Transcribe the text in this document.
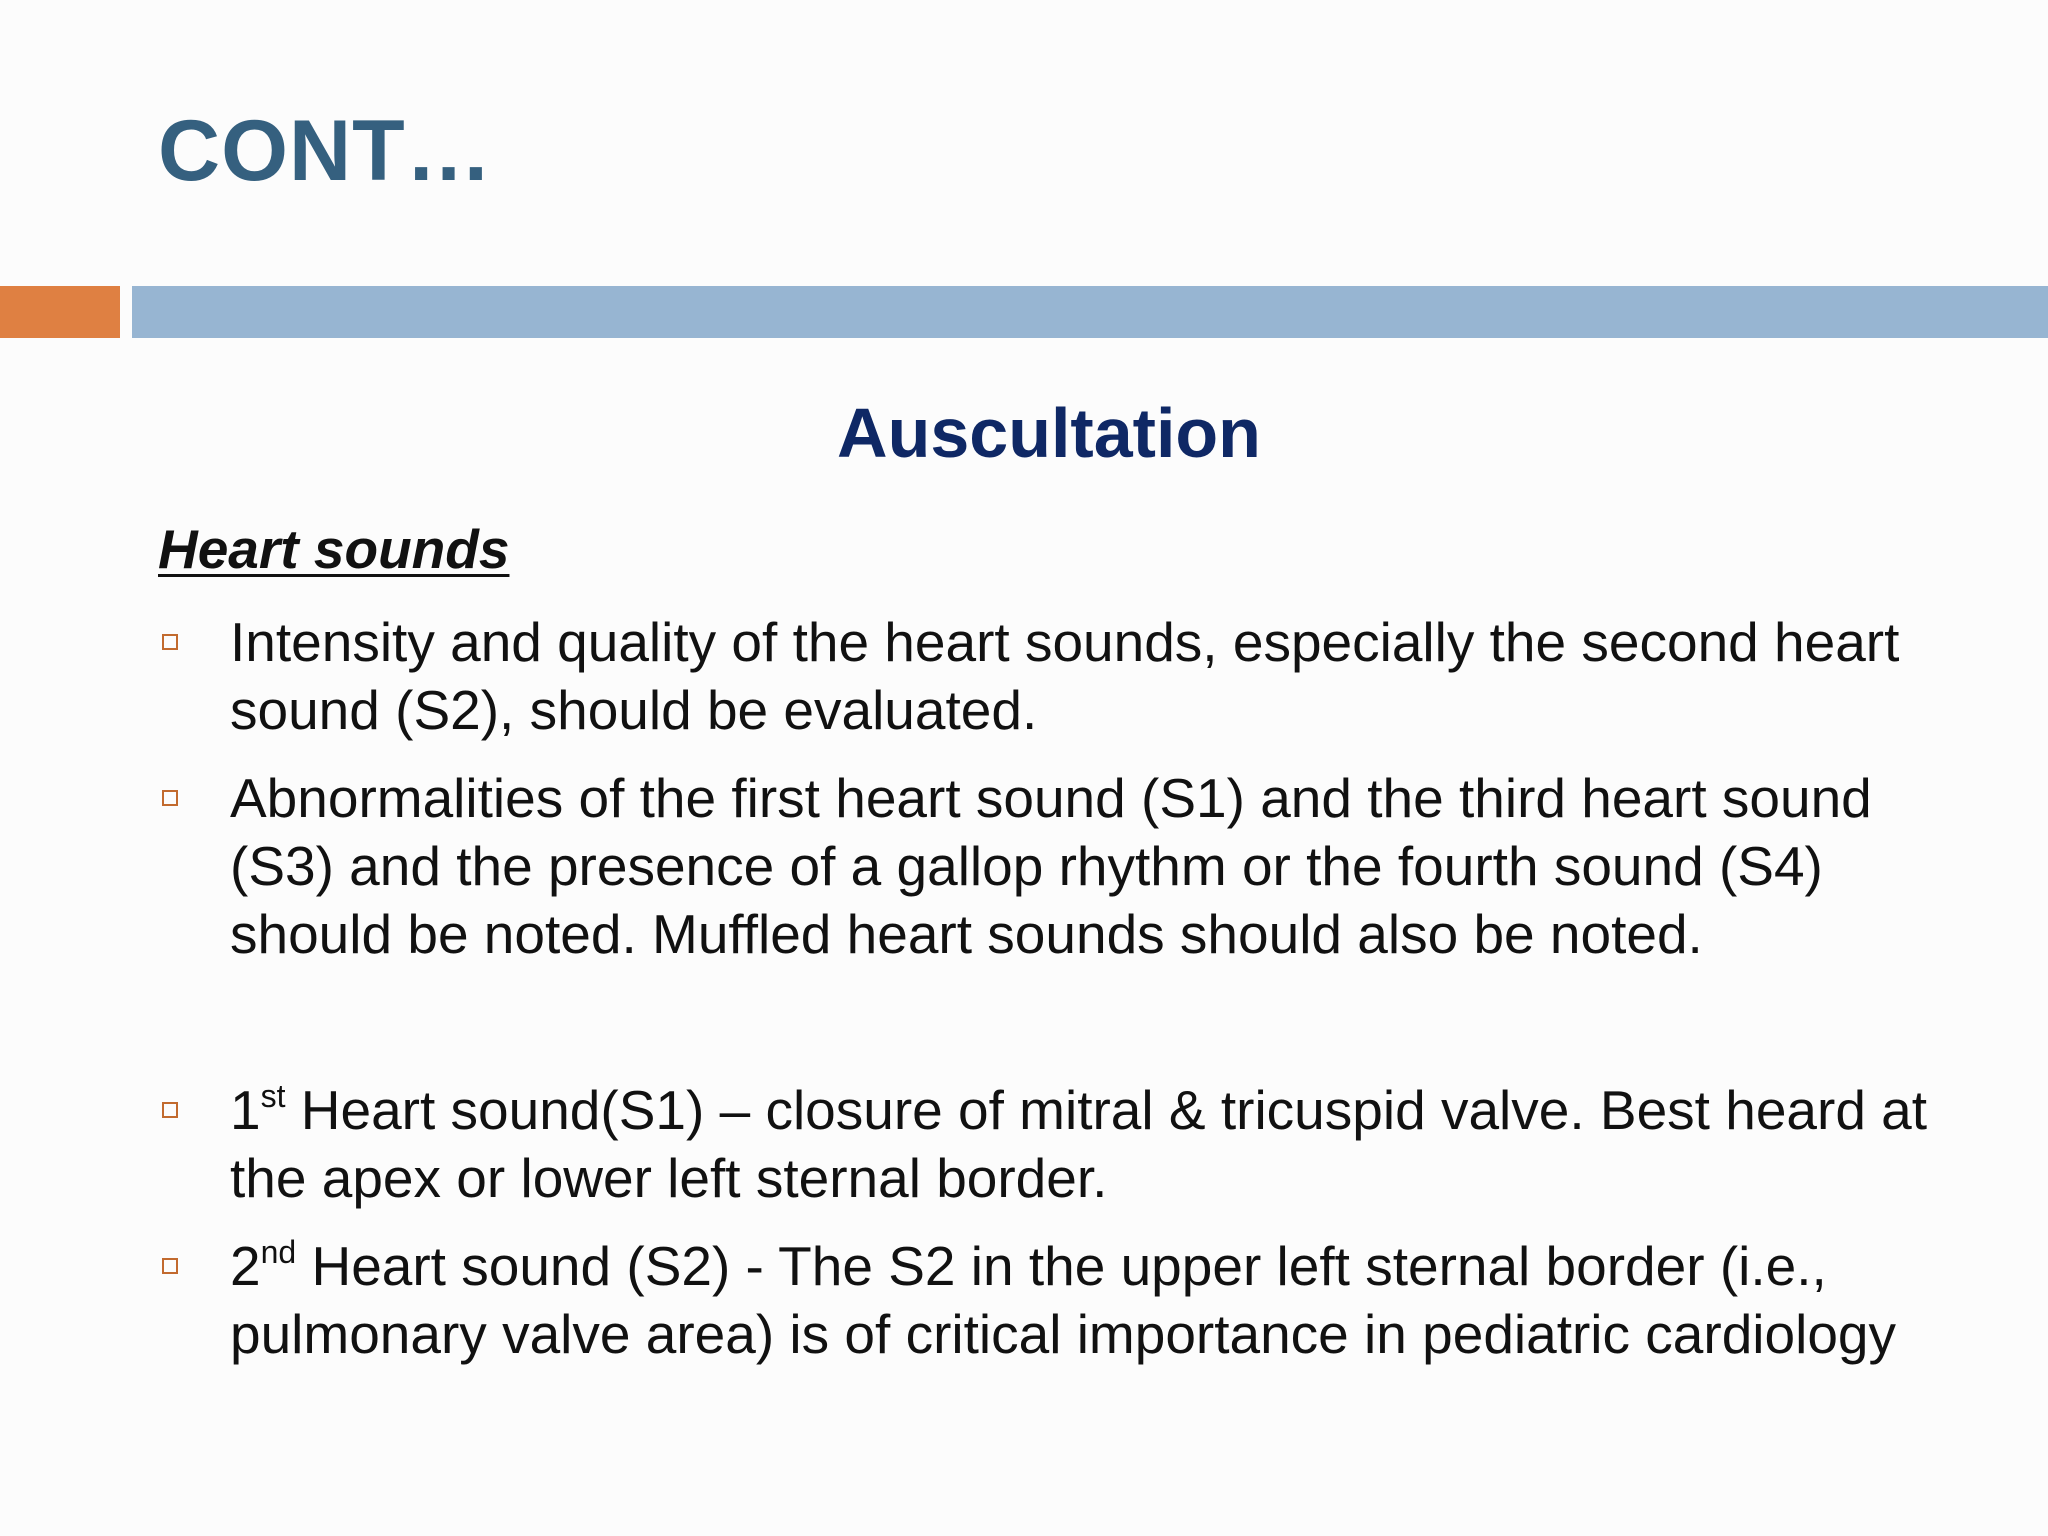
CONT…
Auscultation
Heart sounds
Intensity and quality of the heart sounds, especially the second heart sound (S2), should be evaluated.
Abnormalities of the first heart sound (S1) and the third heart sound (S3) and the presence of a gallop rhythm or the fourth sound (S4) should be noted. Muffled heart sounds should also be noted.
1st Heart sound(S1) – closure of mitral & tricuspid valve. Best heard at the apex or lower left sternal border.
2nd Heart sound (S2) - The S2 in the upper left sternal border (i.e., pulmonary valve area) is of critical importance in pediatric cardiology
